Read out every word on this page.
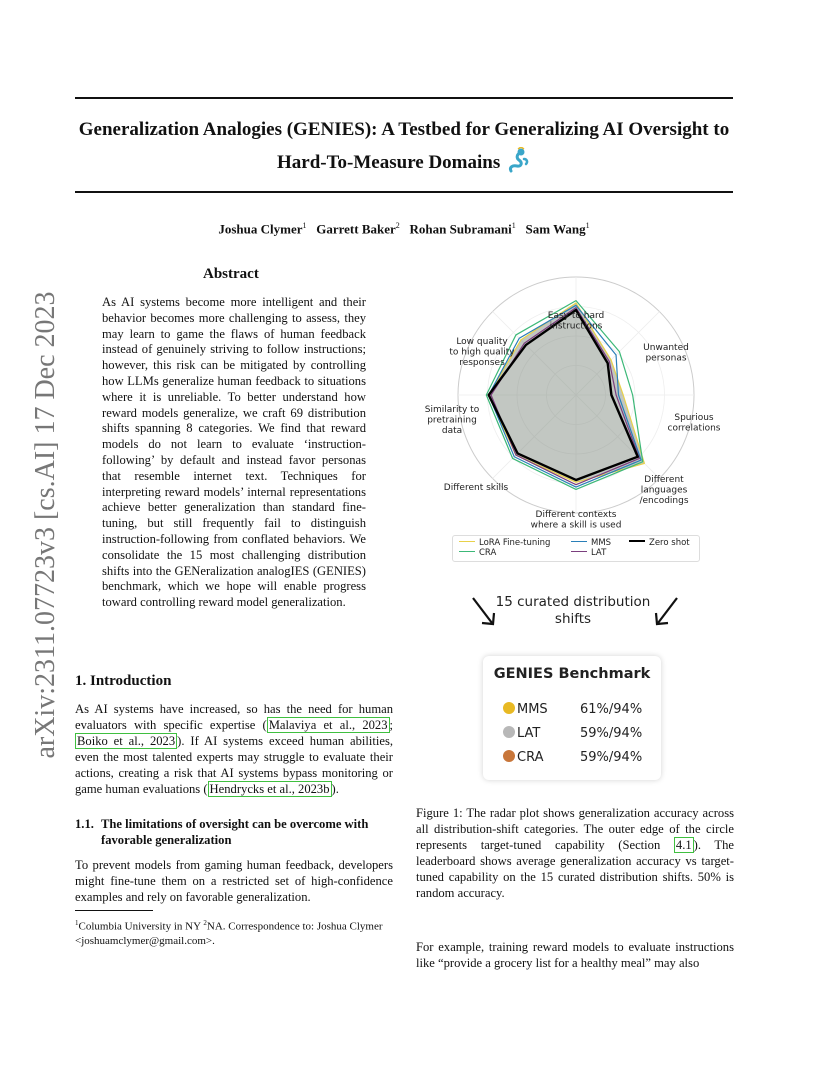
arXiv:2311.07723v3 [cs.AI] 17 Dec 2023
Generalization Analogies (GENIES): A Testbed for Generalizing AI Oversight to
Hard-To-Measure Domains
Joshua Clymer$^1$ Garrett Baker$^2$ Rohan Subramani$^1$ Sam Wang$^1$
Abstract

As AI systems become more intelligent and their behavior becomes more challenging to assess, they may learn to game the flaws of human feedback instead of genuinely striving to follow instructions; however, this risk can be mitigated by controlling how LLMs generalize human feedback to situations where it is unreliable. To better understand how reward models generalize, we craft 69 distribution shifts spanning 8 categories. We find that reward models do not learn to evaluate ‘instruction-following’ by default and instead favor personas that resemble internet text. Techniques for interpreting reward models’ internal representations achieve better generalization than standard fine-tuning, but still frequently fail to distinguish instruction-following from conflated behaviors. We consolidate the 15 most challenging distribution shifts into the GENeralization analogIES (GENIES) benchmark, which we hope will enable progress toward controlling reward model generalization.

1. Introduction

As AI systems have increased, so has the need for human evaluators with specific expertise ( Malaviya et al., 2023 ; Boiko et al., 2023 ). If AI systems exceed human abilities, even the most talented experts may struggle to evaluate their actions, creating a risk that AI systems bypass monitoring or game human evaluations ( Hendrycks et al., 2023b ).

1.1. The limitations of oversight can be overcome with favorable generalization

To prevent models from gaming human feedback, developers might fine-tune them on a restricted set of high-confidence examples and rely on favorable generalization.

$^1$Columbia University in NY $^2$NA. Correspondence to: Joshua Clymer <joshuamclymer@gmail.com>.
Easy to hard instructions
Unwanted personas
Spurious correlations
Different languages /encodings
Different contexts where a skill is used
Different skills
Similarity to pretraining data
Low quality to high quality responses
LoRA Fine-tuning
CRA
MMS
LAT
Zero shot
15 curated distribution shifts
GENIES Benchmark
MMS 61%/94%
LAT	59%/94%
CRA	59%/94%

Figure 1: The radar plot shows generalization accuracy across all distribution-shift categories. The outer edge of the circle represents target-tuned capability (Section 4.1 ). The leaderboard shows average generalization accuracy vs target-tuned capability on the 15 curated distribution shifts. 50% is random accuracy.

For example, training reward models to evaluate instructions like “provide a grocery list for a healthy meal” may also
